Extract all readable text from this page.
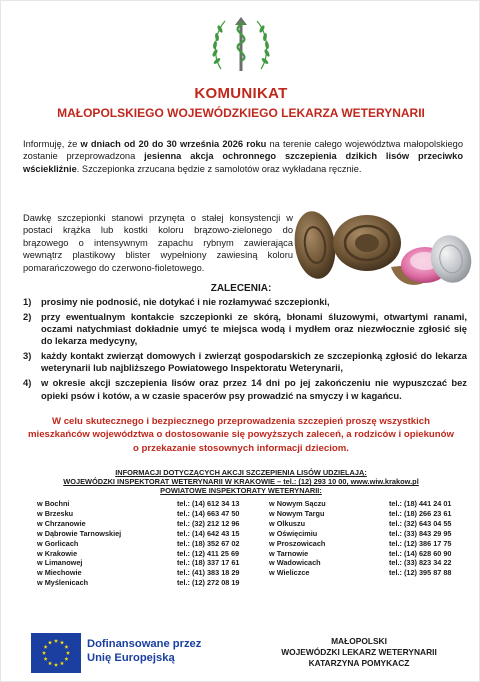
KOMUNIKAT
MAŁOPOLSKIEGO WOJEWÓDZKIEGO LEKARZA WETERYNARII

Informuję, że w dniach od 20 do 30 września 2026 roku na terenie całego województwa małopolskiego zostanie przeprowadzona jesienna akcja ochronnego szczepienia dzikich lisów przeciwko wściekliźnie. Szczepionka zrzucana będzie z samolotów oraz wykładana ręcznie.

Dawkę szczepionki stanowi przynęta o stałej konsystencji w postaci krążka lub kostki koloru brązowo-zielonego do brązowego o intensywnym zapachu rybnym zawierająca wewnątrz plastikowy blister wypełniony zawiesiną koloru pomarańczowego do czerwono-fioletowego.

ZALECENIA:
1) prosimy nie podnosić, nie dotykać i nie rozłamywać szczepionki,
2) przy ewentualnym kontakcie szczepionki ze skórą, błonami śluzowymi, otwartymi ranami, oczami natychmiast dokładnie umyć te miejsca wodą i mydłem oraz niezwłocznie zgłosić się do lekarza medycyny,
3) każdy kontakt zwierząt domowych i zwierząt gospodarskich ze szczepionką zgłosić do lekarza weterynarii lub najbliższego Powiatowego Inspektoratu Weterynarii,
4) w okresie akcji szczepienia lisów oraz przez 14 dni po jej zakończeniu nie wypuszczać bez opieki psów i kotów, a w czasie spacerów psy prowadzić na smyczy i w kagańcu.

W celu skutecznego i bezpiecznego przeprowadzenia szczepień proszę wszystkich mieszkańców województwa o dostosowanie się powyższych zaleceń, a rodziców i opiekunów o przekazanie stosownych informacji dzieciom.

INFORMACJI DOTYCZĄCYCH AKCJI SZCZEPIENIA LISÓW UDZIELAJĄ:
WOJEWÓDZKI INSPEKTORAT WETERYNARII W KRAKOWIE – tel.: (12) 293 10 00, www.wiw.krakow.pl
POWIATOWE INSPEKTORATY WETERYNARII:
w Bochni
w Brzesku
w Chrzanowie
w Dąbrowie Tarnowskiej
w Gorlicach
w Krakowie
w Limanowej
w Miechowie
w Myślenicach
tel.: (14) 612 34 13
tel.: (14) 663 47 50
tel.: (32) 212 12 96
tel.: (14) 642 43 15
tel.: (18) 352 67 02
tel.: (12) 411 25 69
tel.: (18) 337 17 61
tel.: (41) 383 18 29
tel.: (12) 272 08 19
w Nowym Sączu
w Nowym Targu
w Olkuszu
w Oświęcimiu
w Proszowicach
w Tarnowie
w Wadowicach
w Wieliczce
tel.: (18) 441 24 01
tel.: (18) 266 23 61
tel.: (32) 643 04 55
tel.: (33) 843 29 95
tel.: (12) 386 17 75
tel.: (14) 628 60 90
tel.: (33) 823 34 22
tel.: (12) 395 87 88
Dofinansowane przez
Unię Europejską
MAŁOPOLSKI
WOJEWÓDZKI LEKARZ WETERYNARII
KATARZYNA POMYKACZ
